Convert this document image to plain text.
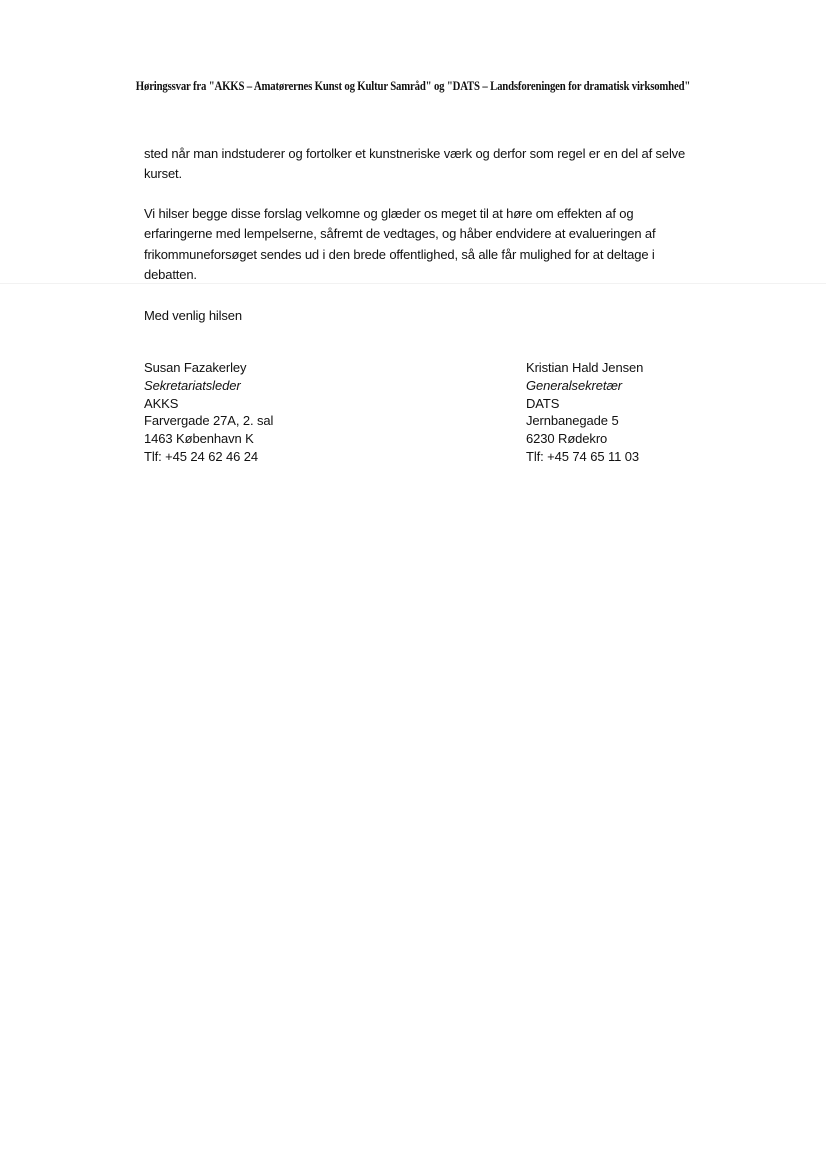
Høringssvar fra "AKKS – Amatørernes Kunst og Kultur Samråd" og "DATS – Landsforeningen for dramatisk virksomhed"
sted når man indstuderer og fortolker et kunstneriske værk og derfor som regel er en del af selve
kurset.
Vi hilser begge disse forslag velkomne og glæder os meget til at høre om effekten af og
erfaringerne med lempelserne, såfremt de vedtages, og håber endvidere at evalueringen af
frikommuneforsøget sendes ud i den brede offentlighed, så alle får mulighed for at deltage i
debatten.
Med venlig hilsen
Susan Fazakerley
Sekretariatsleder
AKKS
Farvergade 27A, 2. sal
1463 København K
Tlf: +45 24 62 46 24
Kristian Hald Jensen
Generalsekretær
DATS
Jernbanegade 5
6230 Rødekro
Tlf: +45 74 65 11 03
